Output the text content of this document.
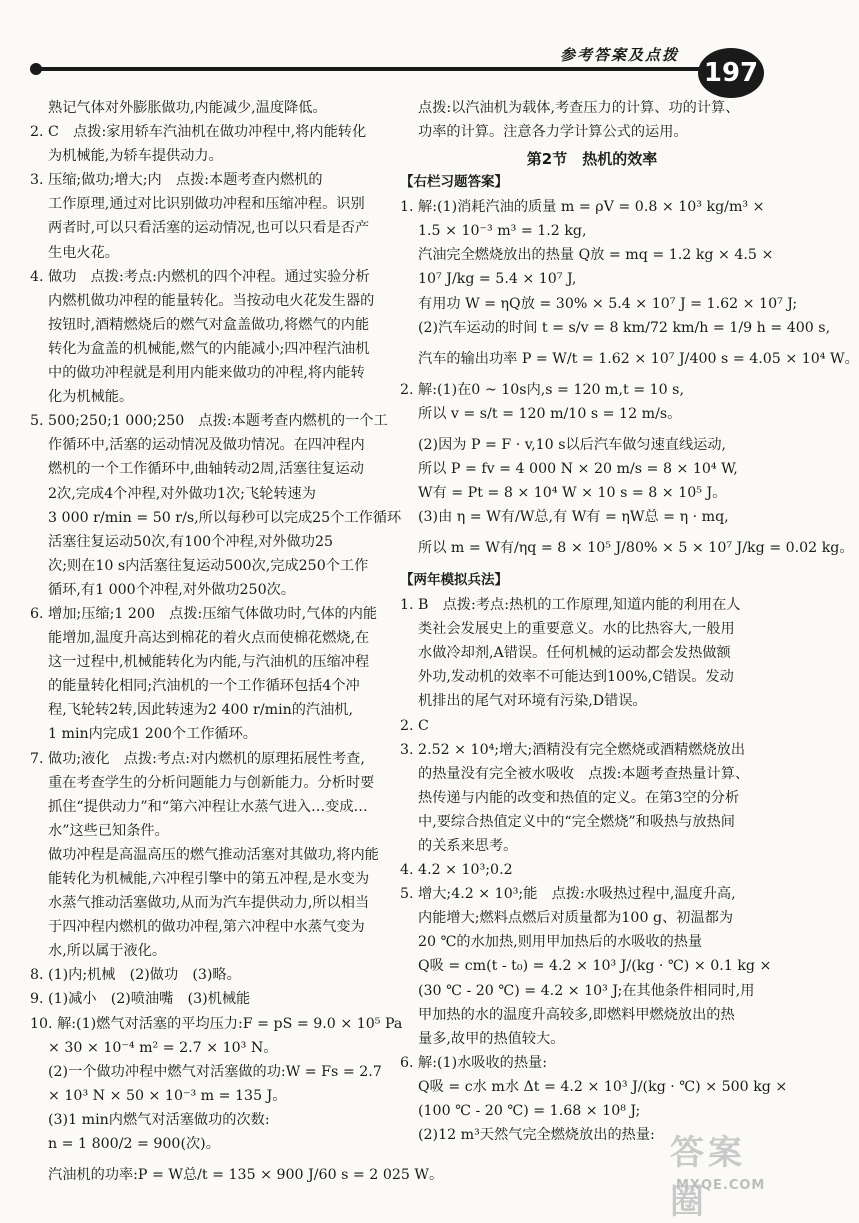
参考答案及点拨
197

熟记气体对外膨胀做功,内能减少,温度降低。

2. C　点拨:家用轿车汽油机在做功冲程中,将内能转化

为机械能,为轿车提供动力。

3. 压缩;做功;增大;内　点拨:本题考查内燃机的

工作原理,通过对比识别做功冲程和压缩冲程。识别

两者时,可以只看活塞的运动情况,也可以只看是否产

生电火花。

4. 做功　点拨:考点:内燃机的四个冲程。通过实验分析

内燃机做功冲程的能量转化。当按动电火花发生器的

按钮时,酒精燃烧后的燃气对盒盖做功,将燃气的内能

转化为盒盖的机械能,燃气的内能减小;四冲程汽油机

中的做功冲程就是利用内能来做功的冲程,将内能转

化为机械能。

5. 500;250;1 000;250　点拨:本题考查内燃机的一个工

作循环中,活塞的运动情况及做功情况。在四冲程内

燃机的一个工作循环中,曲轴转动2周,活塞往复运动

2次,完成4个冲程,对外做功1次;飞轮转速为

3 000 r/min = 50 r/s,所以每秒可以完成25个工作循环

活塞往复运动50次,有100个冲程,对外做功25

次;则在10 s内活塞往复运动500次,完成250个工作

循环,有1 000个冲程,对外做功250次。

6. 增加;压缩;1 200　点拨:压缩气体做功时,气体的内能

能增加,温度升高达到棉花的着火点而使棉花燃烧,在

这一过程中,机械能转化为内能,与汽油机的压缩冲程

的能量转化相同;汽油机的一个工作循环包括4个冲

程,飞轮转2转,因此转速为2 400 r/min的汽油机,

1 min内完成1 200个工作循环。

7. 做功;液化　点拨:考点:对内燃机的原理拓展性考查,

重在考查学生的分析问题能力与创新能力。分析时要

抓住“提供动力”和“第六冲程让水蒸气进入…变成…

水”这些已知条件。

做功冲程是高温高压的燃气推动活塞对其做功,将内能

能转化为机械能,六冲程引擎中的第五冲程,是水变为

水蒸气推动活塞做功,从而为汽车提供动力,所以相当

于四冲程内燃机的做功冲程,第六冲程中水蒸气变为

水,所以属于液化。

8. (1)内;机械　(2)做功　(3)略。

9. (1)减小　(2)喷油嘴　(3)机械能

10. 解:(1)燃气对活塞的平均压力:F = pS = 9.0 × 10⁵ Pa

× 30 × 10⁻⁴ m² = 2.7 × 10³ N。

(2)一个做功冲程中燃气对活塞做的功:W = Fs = 2.7

× 10³ N × 50 × 10⁻³ m = 135 J。

(3)1 min内燃气对活塞做功的次数:

n = 1 800/2 = 900(次)。

汽油机的功率:P = W总/t = 135 × 900 J/60 s = 2 025 W。

点拨:以汽油机为载体,考查压力的计算、功的计算、

功率的计算。注意各力学计算公式的运用。

第2节　热机的效率
【右栏习题答案】

1. 解:(1)消耗汽油的质量 m = ρV = 0.8 × 10³ kg/m³ ×

1.5 × 10⁻³ m³ = 1.2 kg,

汽油完全燃烧放出的热量 Q放 = mq = 1.2 kg × 4.5 ×

10⁷ J/kg = 5.4 × 10⁷ J,

有用功 W = ηQ放 = 30% × 5.4 × 10⁷ J = 1.62 × 10⁷ J;

(2)汽车运动的时间 t = s/v = 8 km/72 km/h = 1/9 h = 400 s,

汽车的输出功率 P = W/t = 1.62 × 10⁷ J/400 s = 4.05 × 10⁴ W。

2. 解:(1)在0 ~ 10s内,s = 120 m,t = 10 s,

所以 v = s/t = 120 m/10 s = 12 m/s。

(2)因为 P = F · v,10 s以后汽车做匀速直线运动,

所以 P = fv = 4 000 N × 20 m/s = 8 × 10⁴ W,

W有 = Pt = 8 × 10⁴ W × 10 s = 8 × 10⁵ J。

(3)由 η = W有/W总,有 W有 = ηW总 = η · mq,

所以 m = W有/ηq = 8 × 10⁵ J/80% × 5 × 10⁷ J/kg = 0.02 kg。

【两年模拟兵法】

1. B　点拨:考点:热机的工作原理,知道内能的利用在人

类社会发展史上的重要意义。水的比热容大,一般用

水做冷却剂,A错误。任何机械的运动都会发热做额

外功,发动机的效率不可能达到100%,C错误。发动

机排出的尾气对环境有污染,D错误。

2. C

3. 2.52 × 10⁴;增大;酒精没有完全燃烧或酒精燃烧放出

的热量没有完全被水吸收　点拨:本题考查热量计算、

热传递与内能的改变和热值的定义。在第3空的分析

中,要综合热值定义中的“完全燃烧”和吸热与放热间

的关系来思考。

4. 4.2 × 10³;0.2

5. 增大;4.2 × 10³;能　点拨:水吸热过程中,温度升高,

内能增大;燃料点燃后对质量都为100 g、初温都为

20 ℃的水加热,则用甲加热后的水吸收的热量

Q吸 = cm(t - t₀) = 4.2 × 10³ J/(kg · ℃) × 0.1 kg ×

(30 ℃ - 20 ℃) = 4.2 × 10³ J;在其他条件相同时,用

甲加热的水的温度升高较多,即燃料甲燃烧放出的热

量多,故甲的热值较大。

6. 解:(1)水吸收的热量:

Q吸 = c水 m水 Δt = 4.2 × 10³ J/(kg · ℃) × 500 kg ×

(100 ℃ - 20 ℃) = 1.68 × 10⁸ J;

(2)12 m³天然气完全燃烧放出的热量: 答案圈
MXQE.COM
